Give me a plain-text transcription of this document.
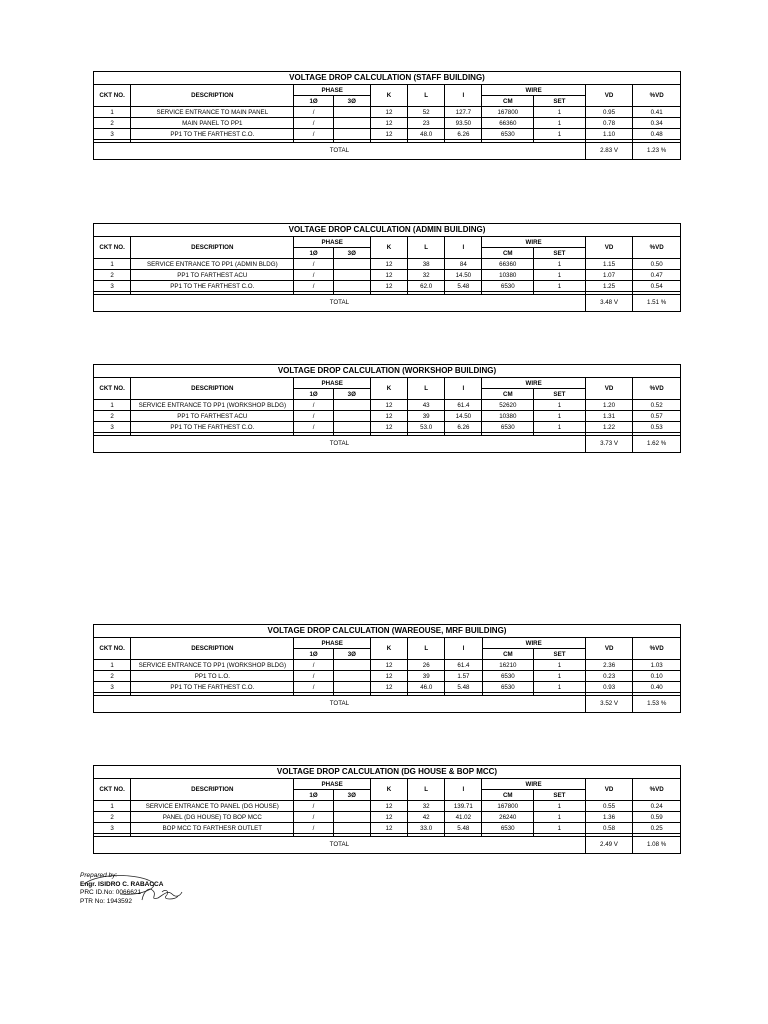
VOLTAGE DROP CALCULATION (STAFF BUILDING)										
CKT NO.	DESCRIPTION	PHASE		K	L	I	WIRE		VD	%VD
		1Ø	3Ø				CM	SET		
1	SERVICE ENTRANCE TO MAIN PANEL	/		12	52	127.7	167800	1	0.95	0.41
2	MAIN PANEL TO PP1	/		12	23	93.50	66360	1	0.78	0.34
3	PP1 TO THE FARTHEST C.O.	/		12	48.0	6.26	6530	1	1.10	0.48

TOTAL									2.83 V	1.23 %
VOLTAGE DROP CALCULATION (ADMIN BUILDING)										
CKT NO.	DESCRIPTION	PHASE		K	L	I	WIRE		VD	%VD
		1Ø	3Ø				CM	SET		
1	SERVICE ENTRANCE TO PP1 (ADMIN BLDG)	/		12	38	84	66360	1	1.15	0.50
2	PP1 TO FARTHEST ACU	/		12	32	14.50	10380	1	1.07	0.47
3	PP1 TO THE FARTHEST C.O.	/		12	62.0	5.48	6530	1	1.25	0.54

TOTAL									3.48 V	1.51 %
VOLTAGE DROP CALCULATION (WORKSHOP BUILDING)										
CKT NO.	DESCRIPTION	PHASE		K	L	I	WIRE		VD	%VD
		1Ø	3Ø				CM	SET		
1	SERVICE ENTRANCE TO PP1 (WORKSHOP BLDG)	/		12	43	61.4	52620	1	1.20	0.52
2	PP1 TO FARTHEST ACU	/		12	39	14.50	10380	1	1.31	0.57
3	PP1 TO THE FARTHEST C.O.	/		12	53.0	6.26	6530	1	1.22	0.53

TOTAL									3.73 V	1.62 %
VOLTAGE DROP CALCULATION (WAREOUSE, MRF BUILDING)										
CKT NO.	DESCRIPTION	PHASE		K	L	I	WIRE		VD	%VD
		1Ø	3Ø				CM	SET		
1	SERVICE ENTRANCE TO PP1 (WORKSHOP BLDG)	/		12	26	61.4	16210	1	2.36	1.03
2	PP1 TO L.O.	/		12	39	1.57	6530	1	0.23	0.10
3	PP1 TO THE FARTHEST C.O.	/		12	46.0	5.48	6530	1	0.93	0.40

TOTAL									3.52 V	1.53 %
VOLTAGE DROP CALCULATION (DG HOUSE & BOP MCC)										
CKT NO.	DESCRIPTION	PHASE		K	L	I	WIRE		VD	%VD
		1Ø	3Ø				CM	SET		
1	SERVICE ENTRANCE TO PANEL (DG HOUSE)	/		12	32	139.71	167800	1	0.55	0.24
2	PANEL (DG HOUSE) TO BOP MCC	/		12	42	41.02	26240	1	1.36	0.59
3	BOP MCC TO FARTHESR OUTLET	/		12	33.0	5.48	6530	1	0.58	0.25

TOTAL									2.49 V	1.08 %
Prepared by:
Engr. ISIDRO C. RABACCA
PRC ID.No: 0066621
PTR No: 1943592
